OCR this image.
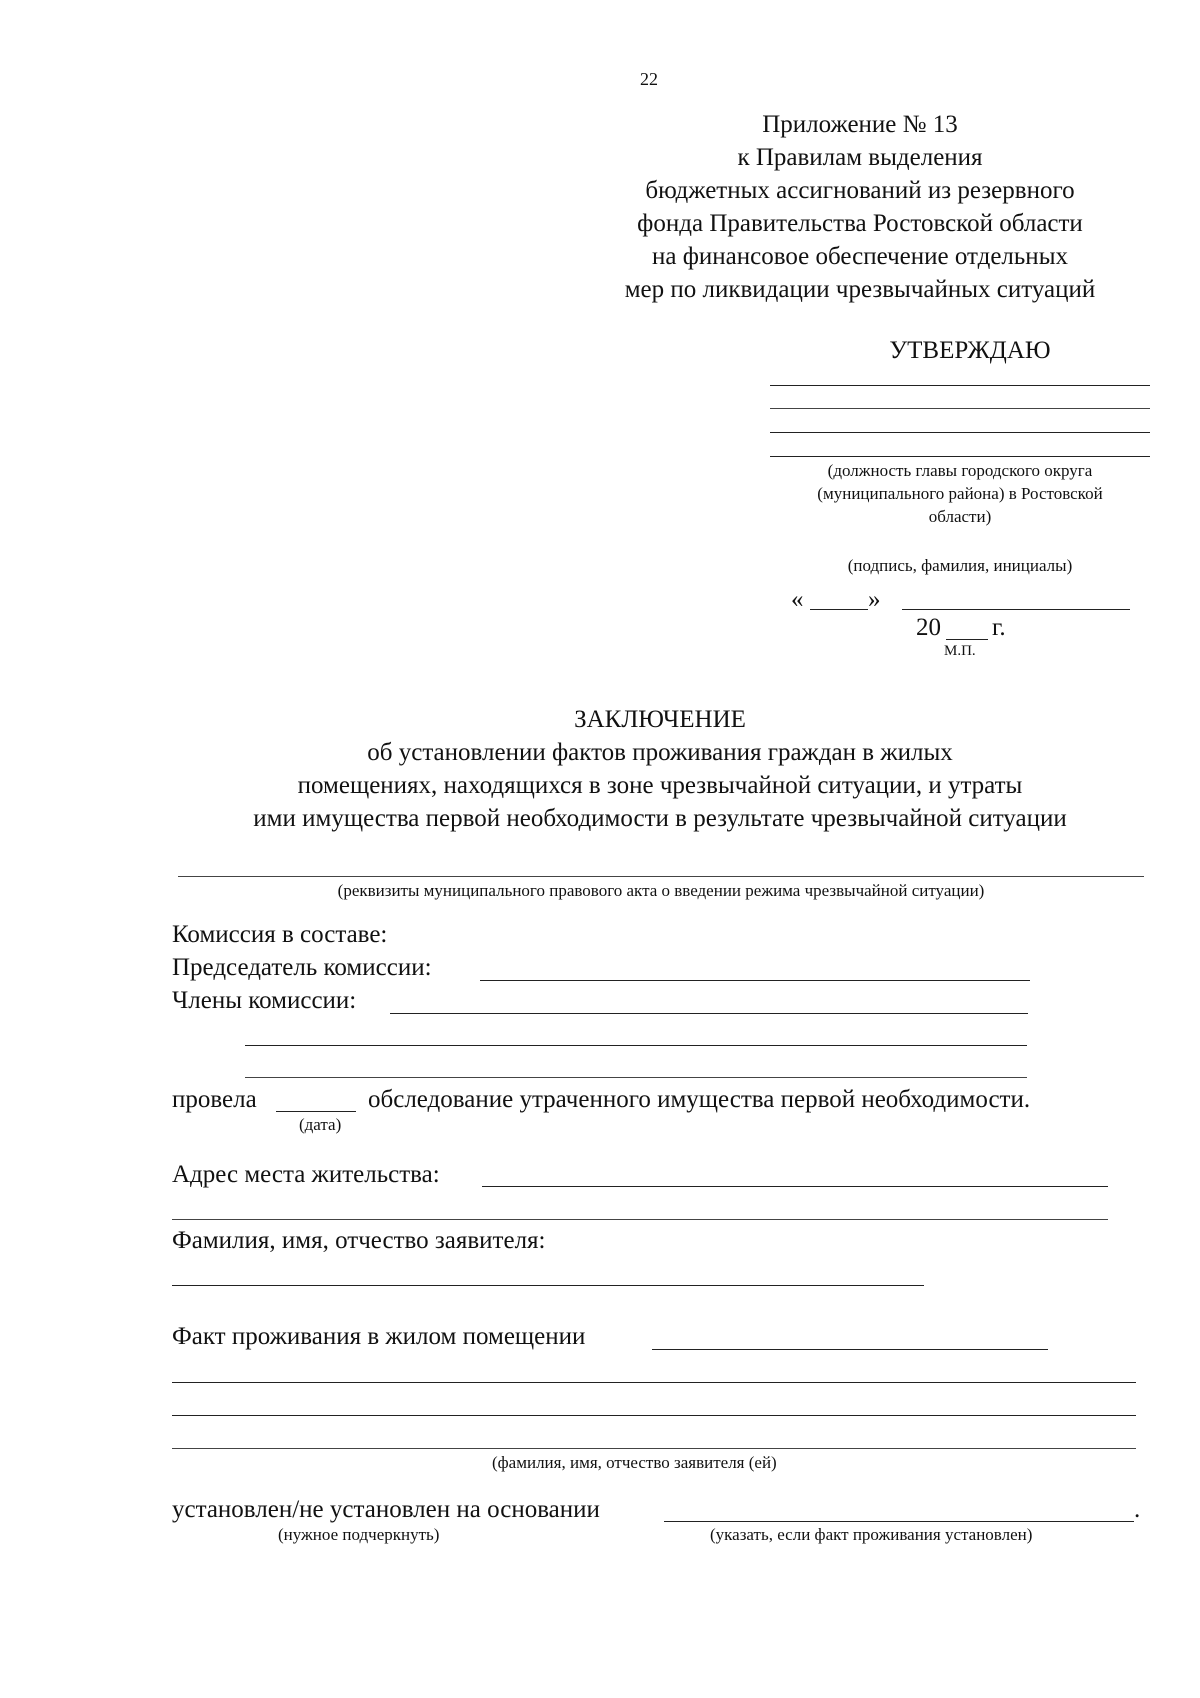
22
Приложение № 13
к Правилам выделения
бюджетных ассигнований из резервного
фонда Правительства Ростовской области
на финансовое обеспечение отдельных
мер по ликвидации чрезвычайных ситуаций
УТВЕРЖДАЮ
(должность главы городского округа
(муниципального района) в Ростовской
области)
(подпись, фамилия, инициалы)
«	»
20 г.
М.П.
ЗАКЛЮЧЕНИЕ
об установлении фактов проживания граждан в жилых
помещениях, находящихся в зоне чрезвычайной ситуации, и утраты
ими имущества первой необходимости в результате чрезвычайной ситуации
(реквизиты муниципального правового акта о введении режима чрезвычайной ситуации)
Комиссия в составе:
Председатель комиссии:
Члены комиссии:
провела	обследование утраченного имущества первой необходимости.
(дата)
Адрес места жительства:
Фамилия, имя, отчество заявителя:
Факт проживания в жилом помещении
(фамилия, имя, отчество заявителя (ей)
установлен/не установлен на основании	.
(нужное подчеркнуть)	(указать, если факт проживания установлен)
